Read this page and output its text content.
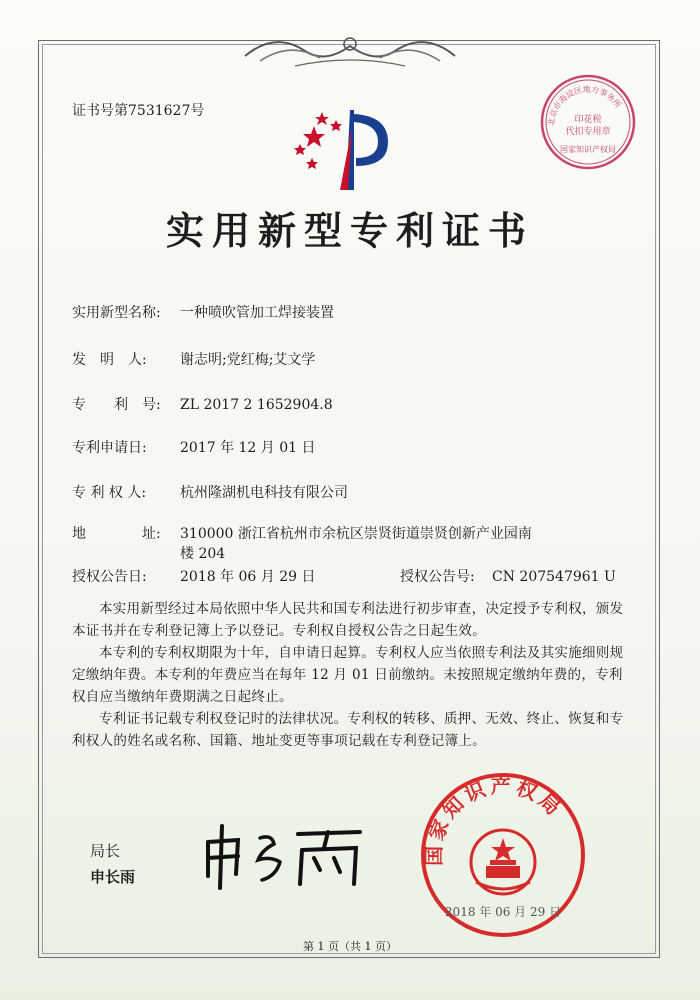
证书号第7531627号
实用新型专利证书
实用新型名称: 一种喷吹管加工焊接装置
发　明　人: 谢志明;党红梅;艾文学
专　　利　号: ZL 2017 2 1652904.8
专利申请日: 2017 年 12 月 01 日
专 利 权 人: 杭州隆湖机电科技有限公司
地　　　　址: 310000 浙江省杭州市余杭区崇贤街道崇贤创新产业园南
楼 204
授权公告日: 2018 年 06 月 29 日	授权公告号: CN 207547961 U
本实用新型经过本局依照中华人民共和国专利法进行初步审查，决定授予专利权，颁发本证书并在专利登记簿上予以登记。专利权自授权公告之日起生效。
本专利的专利权期限为十年，自申请日起算。专利权人应当依照专利法及其实施细则规定缴纳年费。本专利的年费应当在每年 12 月 01 日前缴纳。未按照规定缴纳年费的，专利权自应当缴纳年费期满之日起终止。
专利证书记载专利权登记时的法律状况。专利权的转移、质押、无效、终止、恢复和专利权人的姓名或名称、国籍、地址变更等事项记载在专利登记簿上。
局长
申长雨
北京市海淀区地方事务所
印花税
代扣专用章
国家知识产权局
国家知识产权局
2018 年 06 月 29 日
第 1 页（共 1 页）
